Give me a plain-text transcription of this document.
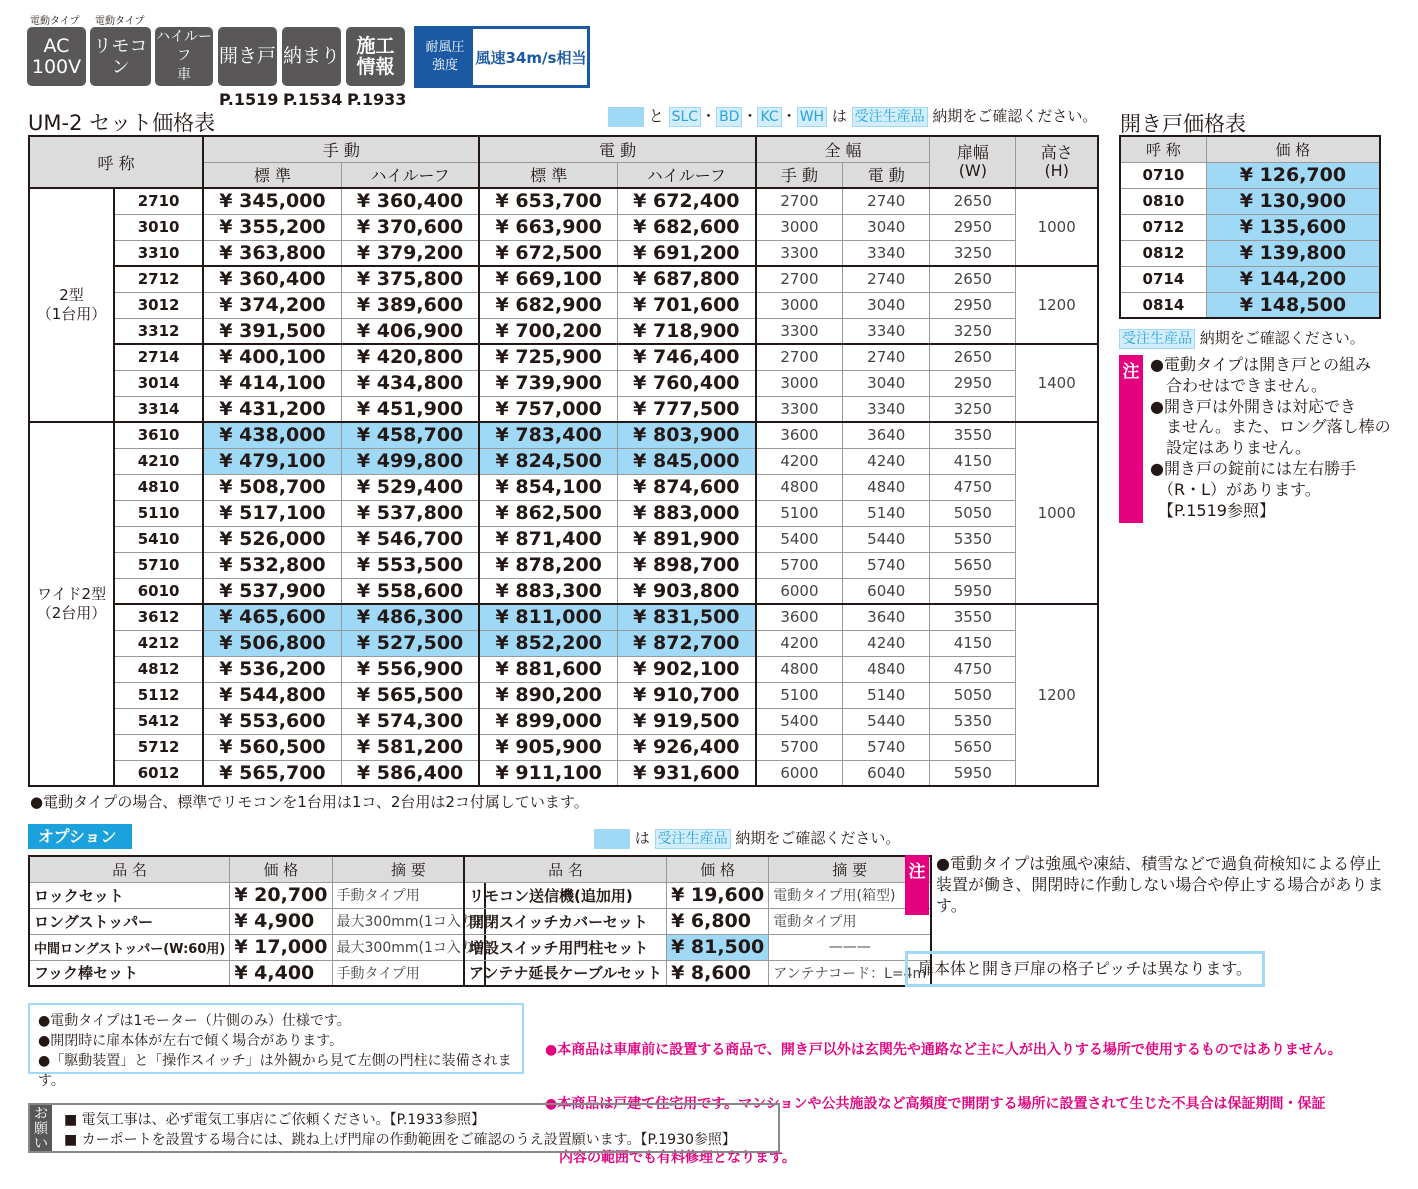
電動タイプ 電動タイプ
AC
100V
リモコン
ハイルーフ
車
開き戸 納まり 施工
情報
耐風圧
強度	風速34m/s相当
P.1519 P.1534 P.1933
UM-2 セット価格表	と SLC ・ BD ・ KC ・ WH は 受注生産品 納期をご確認ください。
呼 称		手 動		電 動		全 幅		扉幅
(W)	高さ
(H)
		標 準	ハイルーフ	標 準	ハイルーフ	手 動	電 動		
2型
（1台用）	2710	¥ 345,000	¥ 360,400	¥ 653,700	¥ 672,400	2700	2740	2650	1000
	3010	¥ 355,200	¥ 370,600	¥ 663,900	¥ 682,600	3000	3040	2950	
	3310	¥ 363,800	¥ 379,200	¥ 672,500	¥ 691,200	3300	3340	3250	
	2712	¥ 360,400	¥ 375,800	¥ 669,100	¥ 687,800	2700	2740	2650	1200
	3012	¥ 374,200	¥ 389,600	¥ 682,900	¥ 701,600	3000	3040	2950	
	3312	¥ 391,500	¥ 406,900	¥ 700,200	¥ 718,900	3300	3340	3250	
	2714	¥ 400,100	¥ 420,800	¥ 725,900	¥ 746,400	2700	2740	2650	1400
	3014	¥ 414,100	¥ 434,800	¥ 739,900	¥ 760,400	3000	3040	2950	
	3314	¥ 431,200	¥ 451,900	¥ 757,000	¥ 777,500	3300	3340	3250	
ワイド2型
（2台用）	3610	¥ 438,000	¥ 458,700	¥ 783,400	¥ 803,900	3600	3640	3550	1000
	4210	¥ 479,100	¥ 499,800	¥ 824,500	¥ 845,000	4200	4240	4150	
	4810	¥ 508,700	¥ 529,400	¥ 854,100	¥ 874,600	4800	4840	4750	
	5110	¥ 517,100	¥ 537,800	¥ 862,500	¥ 883,000	5100	5140	5050	
	5410	¥ 526,000	¥ 546,700	¥ 871,400	¥ 891,900	5400	5440	5350	
	5710	¥ 532,800	¥ 553,500	¥ 878,200	¥ 898,700	5700	5740	5650	
	6010	¥ 537,900	¥ 558,600	¥ 883,300	¥ 903,800	6000	6040	5950	
	3612	¥ 465,600	¥ 486,300	¥ 811,000	¥ 831,500	3600	3640	3550	1200
	4212	¥ 506,800	¥ 527,500	¥ 852,200	¥ 872,700	4200	4240	4150	
	4812	¥ 536,200	¥ 556,900	¥ 881,600	¥ 902,100	4800	4840	4750	
	5112	¥ 544,800	¥ 565,500	¥ 890,200	¥ 910,700	5100	5140	5050	
	5412	¥ 553,600	¥ 574,300	¥ 899,000	¥ 919,500	5400	5440	5350	
	5712	¥ 560,500	¥ 581,200	¥ 905,900	¥ 926,400	5700	5740	5650	
	6012	¥ 565,700	¥ 586,400	¥ 911,100	¥ 931,600	6000	6040	5950	
●電動タイプの場合、標準でリモコンを1台用は1コ、2台用は2コ付属しています。
開き戸価格表
呼 称	価 格
0710	¥ 126,700
0810	¥ 130,900
0712	¥ 135,600
0812	¥ 139,800
0714	¥ 144,200
0814	¥ 148,500
受注生産品 納期をご確認ください。
注 ●電動タイプは開き戸との組み
　合わせはできません。
●開き戸は外開きは対応でき
　ません。また、ロング落し棒の
　設定はありません。
●開き戸の錠前には左右勝手
　（R・L）があります。
　【P.1519参照】
オプション	は 受注生産品 納期をご確認ください。
品 名	価 格	摘 要
ロックセット	¥ 20,700	手動タイプ用
ロングストッパー	¥ 4,900	最大300mm(1コ入り)
中間ロングストッパー(W:60用)	¥ 17,000	最大300mm(1コ入り)
フック棒セット	¥ 4,400	手動タイプ用
品 名	価 格	摘 要
リモコン送信機(追加用)	¥ 19,600	電動タイプ用(箱型)
開閉スイッチカバーセット	¥ 6,800	電動タイプ用
増設スイッチ用門柱セット	¥ 81,500	———
アンテナ延長ケーブルセット	¥ 8,600	アンテナコード：L=4m
注 ●電動タイプは強風や凍結、積雪などで過負荷検知による停止装置が働き、開閉時に作動しない場合や停止する場合があります。
扉本体と開き戸扉の格子ピッチは異なります。
●電動タイプは1モーター（片側のみ）仕様です。
●開閉時に扉本体が左右で傾く場合があります。
●「駆動装置」と「操作スイッチ」は外観から見て左側の門柱に装備されます。

●本商品は車庫前に設置する商品で、開き戸以外は玄関先や通路など主に人が出入りする場所で使用するものではありません。

●本商品は戸建て住宅用です。マンションや公共施設など高頻度で開閉する場所に設置されて生じた不具合は保証期間・保証

　内容の範囲でも有料修理となります。

お
願
い
■ 電気工事は、必ず電気工事店にご依頼ください。【P.1933参照】
■ カーポートを設置する場合には、跳ね上げ門扉の作動範囲をご確認のうえ設置願います。【P.1930参照】
